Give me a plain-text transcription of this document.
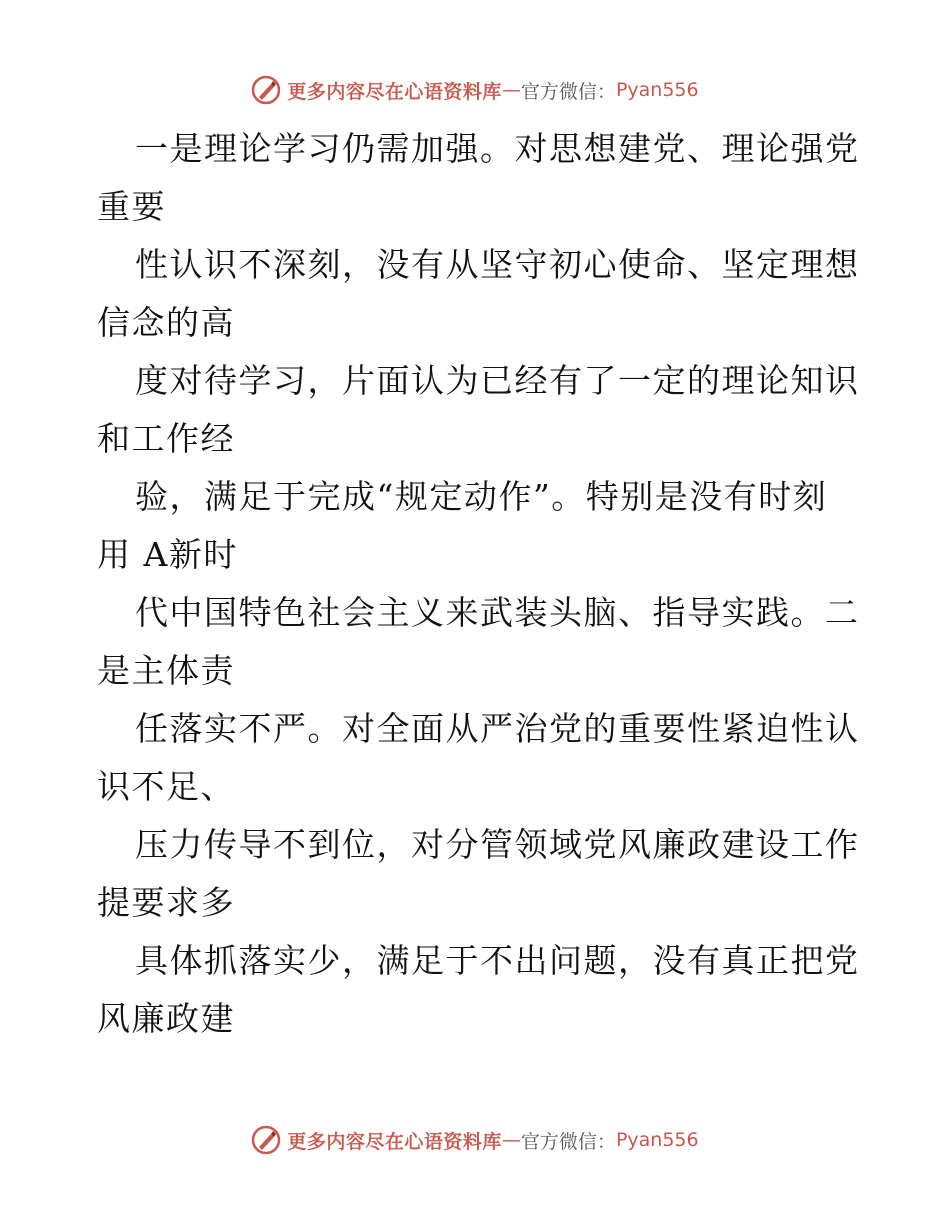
更多内容尽在心语资料库 — 官方微信： Pyan556
一是理论学习仍需加强。对思想建党、理论强党
重要
性认识不深刻，没有从坚守初心使命、坚定理想
信念的高
度对待学习，片面认为已经有了一定的理论知识
和工作经
验，满足于完成“规定动作”。特别是没有时刻
用 A新时
代中国特色社会主义来武装头脑、指导实践。二
是主体责
任落实不严。对全面从严治党的重要性紧迫性认
识不足、
压力传导不到位，对分管领域党风廉政建设工作
提要求多
具体抓落实少，满足于不出问题，没有真正把党
风廉政建
更多内容尽在心语资料库 — 官方微信： Pyan556
